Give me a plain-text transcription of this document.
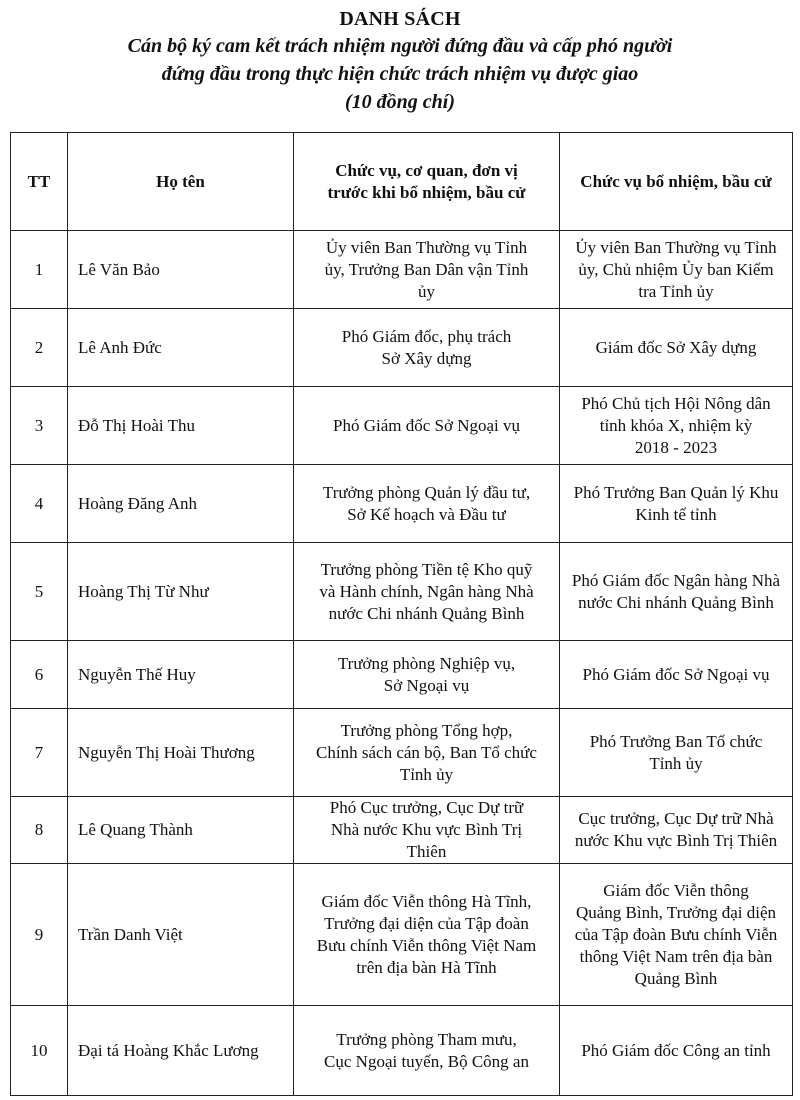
DANH SÁCH
Cán bộ ký cam kết trách nhiệm người đứng đầu và cấp phó người
đứng đầu trong thực hiện chức trách nhiệm vụ được giao
(10 đồng chí)
TT	Họ tên	Chức vụ, cơ quan, đơn vị
trước khi bổ nhiệm, bầu cử	Chức vụ bổ nhiệm, bầu cử
1	Lê Văn Bảo	Ủy viên Ban Thường vụ Tỉnh
ủy, Trưởng Ban Dân vận Tỉnh
ủy	Ủy viên Ban Thường vụ Tỉnh
ủy, Chủ nhiệm Ủy ban Kiểm
tra Tỉnh ủy

2	Lê Anh Đức	Phó Giám đốc, phụ trách
Sở Xây dựng	Giám đốc Sở Xây dựng

3	Đỗ Thị Hoài Thu	Phó Giám đốc Sở Ngoại vụ	Phó Chủ tịch Hội Nông dân
tỉnh khóa X, nhiệm kỳ
2018 - 2023

4	Hoàng Đăng Anh	Trưởng phòng Quản lý đầu tư,
Sở Kế hoạch và Đầu tư	Phó Trưởng Ban Quản lý Khu
Kinh tế tỉnh

5	Hoàng Thị Từ Như	Trưởng phòng Tiền tệ Kho quỹ
và Hành chính, Ngân hàng Nhà
nước Chi nhánh Quảng Bình	Phó Giám đốc Ngân hàng Nhà
nước Chi nhánh Quảng Bình

6	Nguyễn Thế Huy	Trưởng phòng Nghiệp vụ,
Sở Ngoại vụ	Phó Giám đốc Sở Ngoại vụ

7	Nguyễn Thị Hoài Thương	Trưởng phòng Tổng hợp,
Chính sách cán bộ, Ban Tổ chức
Tỉnh ủy	Phó Trưởng Ban Tổ chức
Tỉnh ủy

8	Lê Quang Thành	Phó Cục trưởng, Cục Dự trữ
Nhà nước Khu vực Bình Trị
Thiên	Cục trưởng, Cục Dự trữ Nhà
nước Khu vực Bình Trị Thiên

9	Trần Danh Việt	Giám đốc Viễn thông Hà Tĩnh,
Trưởng đại diện của Tập đoàn
Bưu chính Viễn thông Việt Nam
trên địa bàn Hà Tĩnh	Giám đốc Viễn thông
Quảng Bình, Trưởng đại diện
của Tập đoàn Bưu chính Viễn
thông Việt Nam trên địa bàn
Quảng Bình

10	Đại tá Hoàng Khắc Lương	Trưởng phòng Tham mưu,
Cục Ngoại tuyến, Bộ Công an	Phó Giám đốc Công an tỉnh
